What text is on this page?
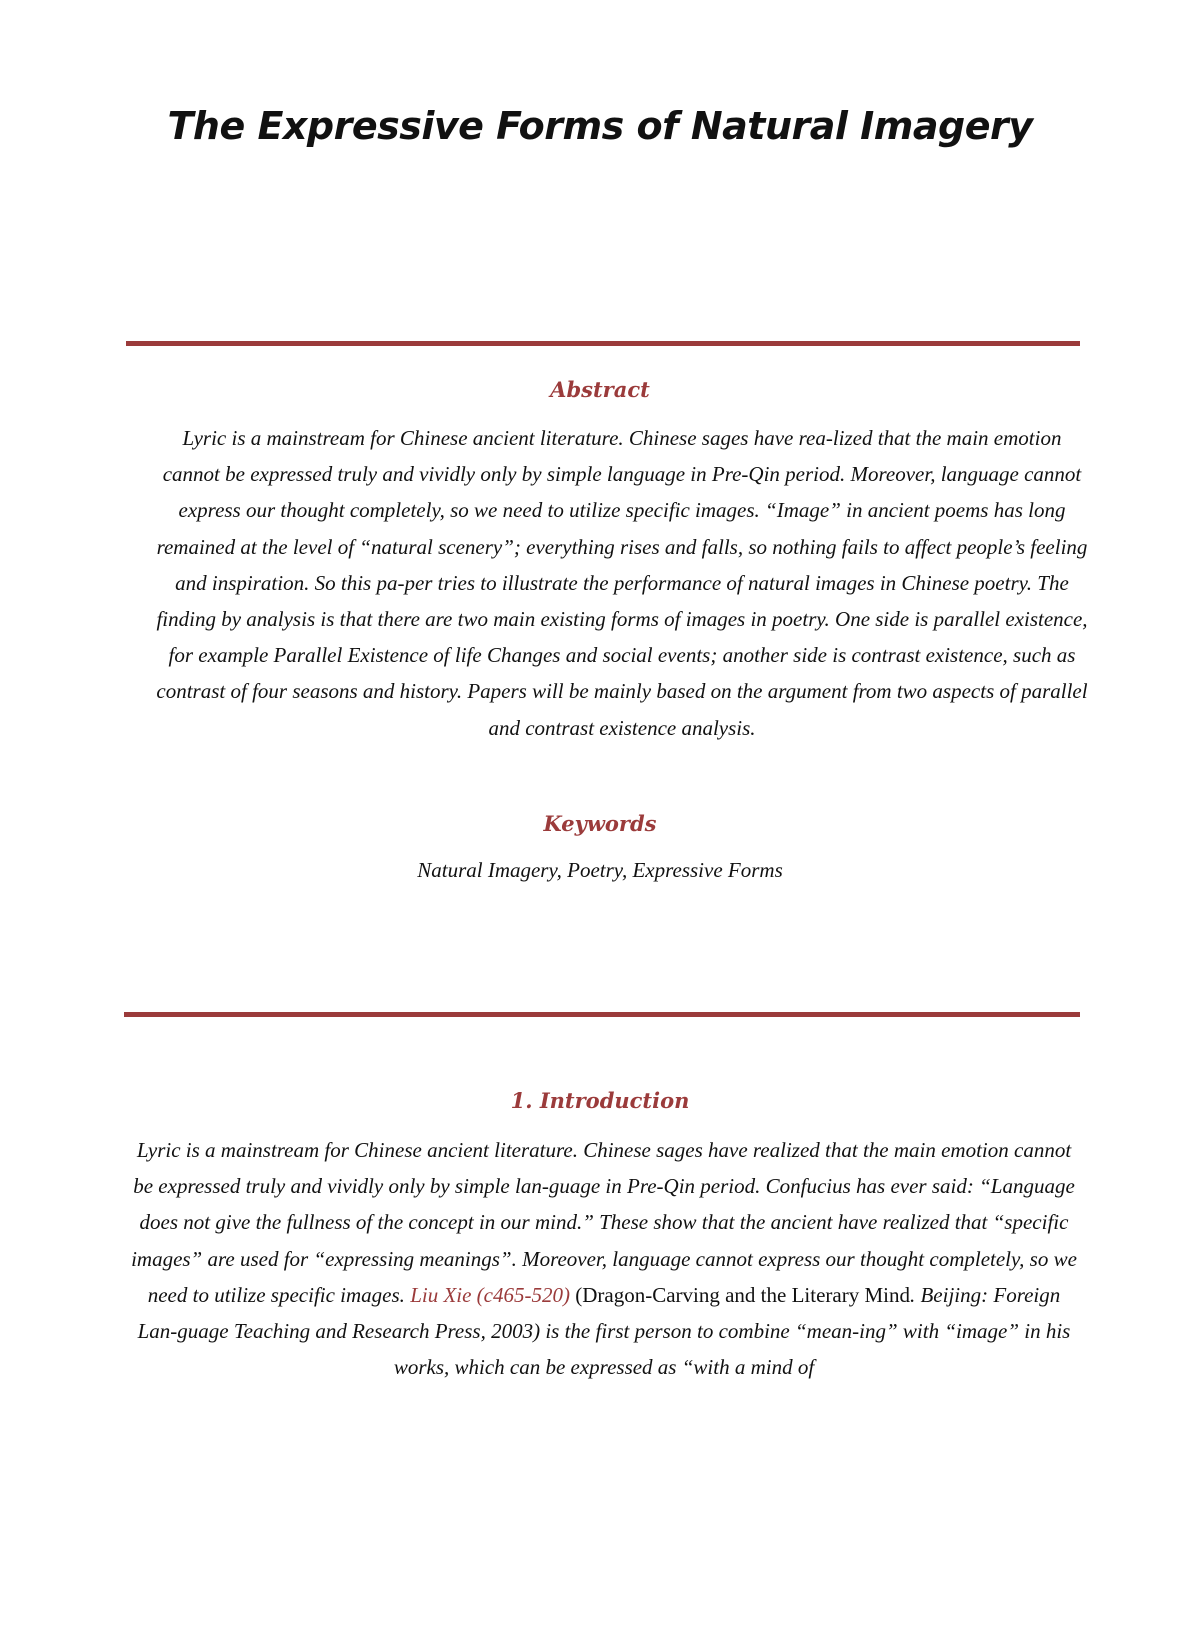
The Expressive Forms of Natural Imagery
Abstract
Lyric is a mainstream for Chinese ancient literature. Chinese sages have rea-lized that the main emotion cannot be expressed truly and vividly only by simple language in Pre-Qin period. Moreover, language cannot express our thought completely, so we need to utilize specific images. “Image” in ancient poems has long remained at the level of “natural scenery”; everything rises and falls, so nothing fails to affect people’s feeling and inspiration. So this pa-per tries to illustrate the performance of natural images in Chinese poetry. The finding by analysis is that there are two main existing forms of images in poetry. One side is parallel existence, for example Parallel Existence of life Changes and social events; another side is contrast existence, such as contrast of four seasons and history. Papers will be mainly based on the argument from two aspects of parallel and contrast existence analysis.
Keywords
Natural Imagery, Poetry, Expressive Forms
1. Introduction
Lyric is a mainstream for Chinese ancient literature. Chinese sages have realized that the main emotion cannot be expressed truly and vividly only by simple lan-guage in Pre-Qin period. Confucius has ever said: “Language does not give the fullness of the concept in our mind.” These show that the ancient have realized that “specific images” are used for “expressing meanings”. Moreover, language cannot express our thought completely, so we need to utilize specific images. Liu Xie (c465-520) (Dragon-Carving and the Literary Mind. Beijing: Foreign Lan-guage Teaching and Research Press, 2003) is the first person to combine “mean-ing” with “image” in his works, which can be expressed as “with a mind of
